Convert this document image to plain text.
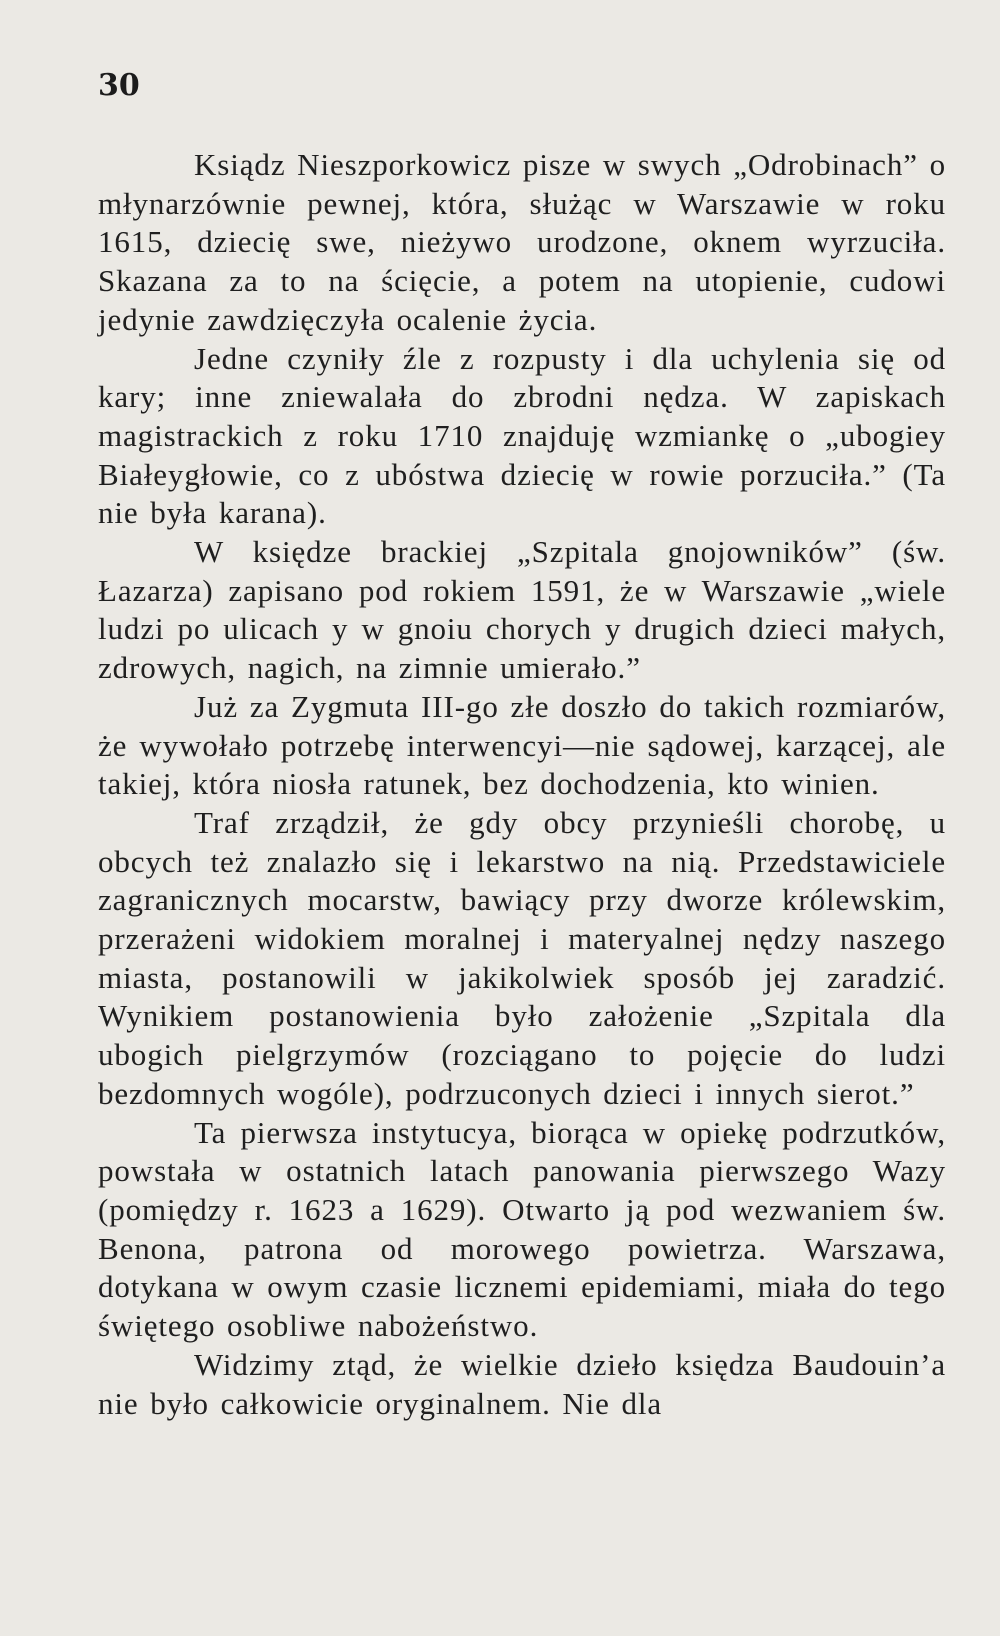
30

Ksiądz Nieszporkowicz pisze w swych „Odrobinach” o młynarzównie pewnej, która, służąc w Warszawie w roku 1615, dziecię swe, nieżywo urodzone, oknem wyrzuciła. Skazana za to na ścięcie, a potem na utopienie, cudowi jedynie zawdzięczyła ocalenie życia.

Jedne czyniły źle z rozpusty i dla uchylenia się od kary; inne zniewalała do zbrodni nędza. W zapiskach magistrackich z roku 1710 znajduję wzmiankę o „ubogiey Białeygłowie, co z ubóstwa dziecię w rowie porzuciła.” (Ta nie była karana).

W księdze brackiej „Szpitala gnojowników” (św. Łazarza) zapisano pod rokiem 1591, że w Warszawie „wiele ludzi po ulicach y w gnoiu chorych y drugich dzieci małych, zdrowych, nagich, na zimnie umierało.”

Już za Zygmuta III-go złe doszło do takich rozmiarów, że wywołało potrzebę interwencyi—nie sądowej, karzącej, ale takiej, która niosła ratunek, bez dochodzenia, kto winien.

Traf zrządził, że gdy obcy przynieśli chorobę, u obcych też znalazło się i lekarstwo na nią. Przedstawiciele zagranicznych mocarstw, bawiący przy dworze królewskim, przerażeni widokiem moralnej i materyalnej nędzy naszego miasta, postanowili w jakikolwiek sposób jej zaradzić. Wynikiem postanowienia było założenie „Szpitala dla ubogich pielgrzymów (rozciągano to pojęcie do ludzi bezdomnych wogóle), podrzuconych dzieci i innych sierot.”

Ta pierwsza instytucya, biorąca w opiekę podrzutków, powstała w ostatnich latach panowania pierwszego Wazy (pomiędzy r. 1623 a 1629). Otwarto ją pod wezwaniem św. Benona, patrona od morowego powietrza. Warszawa, dotykana w owym czasie licznemi epidemiami, miała do tego świętego osobliwe nabożeństwo.

Widzimy ztąd, że wielkie dzieło księdza Baudouin’a nie było całkowicie oryginalnem. Nie dla
